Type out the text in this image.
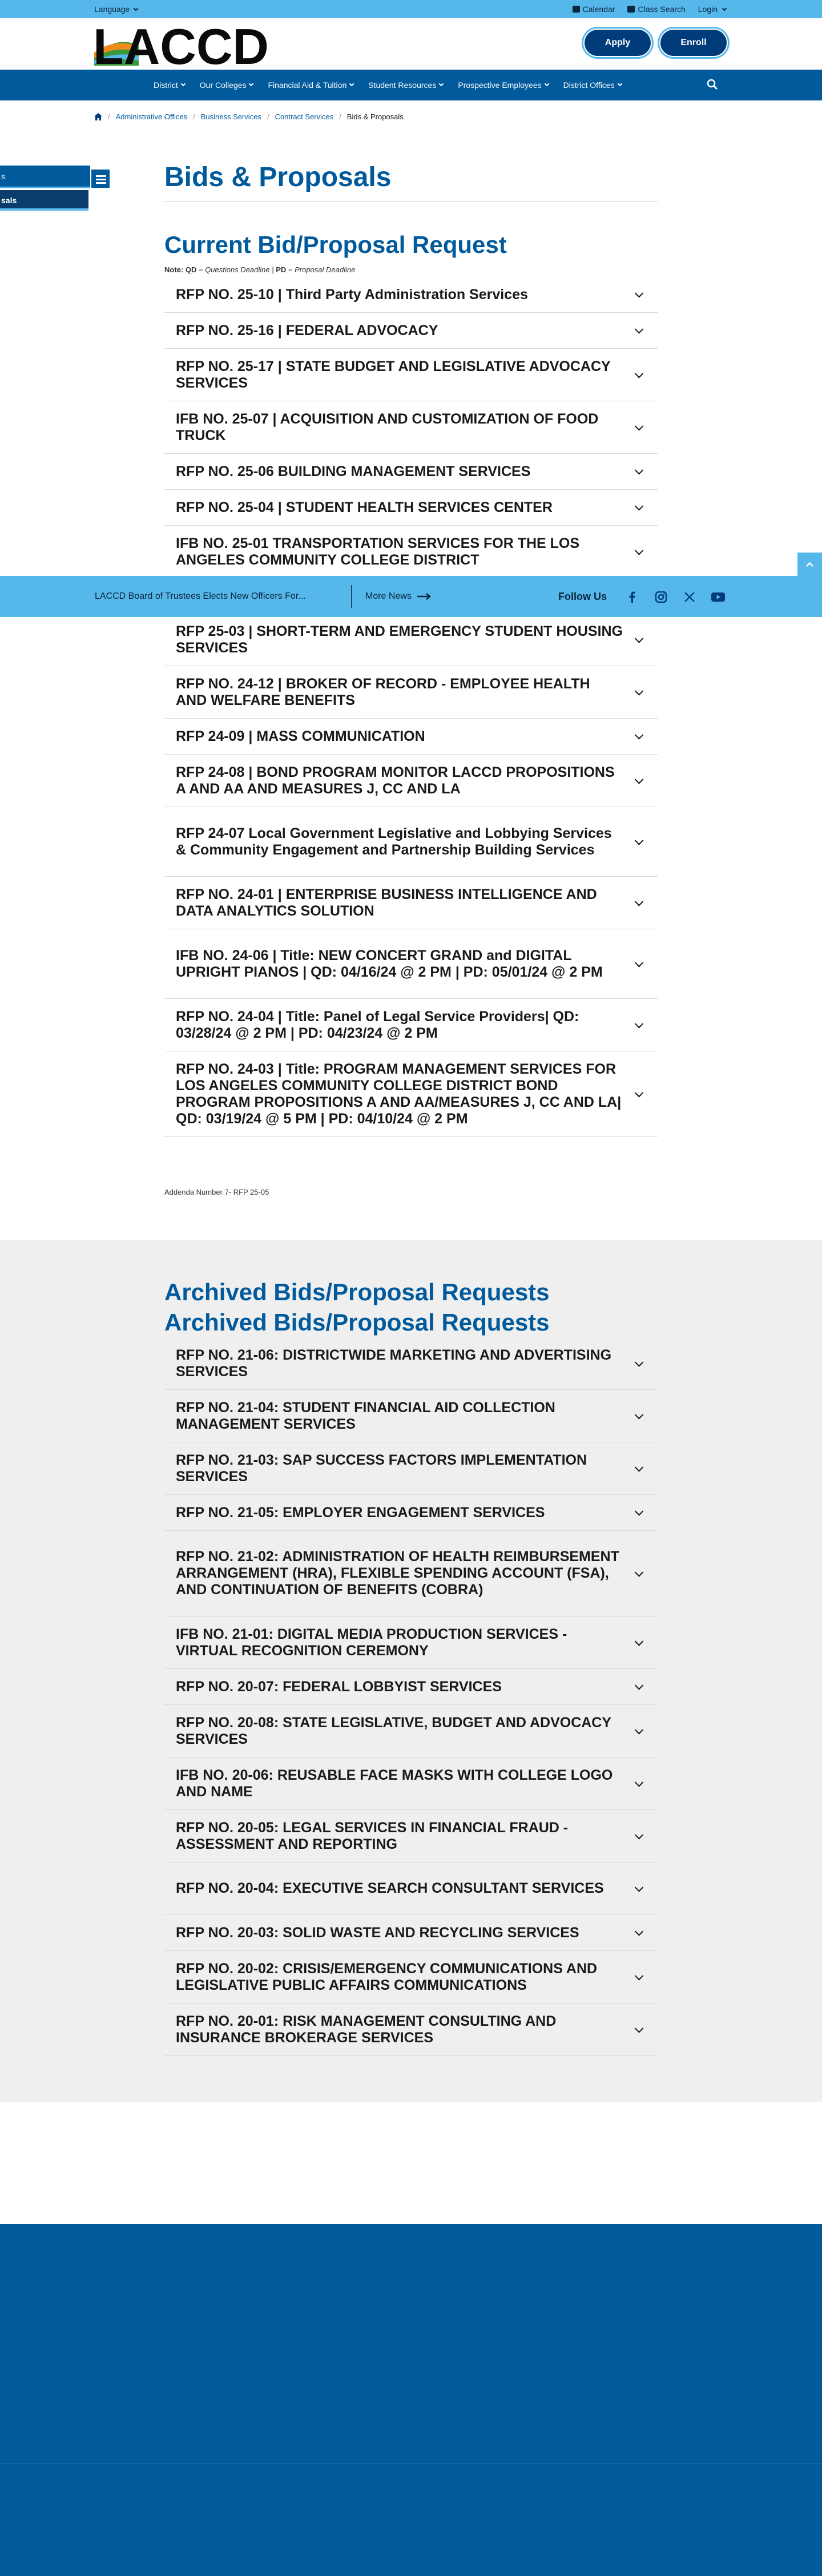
Language	Calendar	Class Search Login
LACCD	Apply	Enroll
District	Our Colleges	Financial Aid & Tuition	Student Resources	Prospective Employees	District Offices
/ Administrative Offices / Business Services / Contract Services / Bids & Proposals
s
sals
Bids & Proposals
Current Bid/Proposal Request
Note: QD = Questions Deadline | PD = Proposal Deadline
RFP NO. 25-10 | Third Party Administration Services
RFP NO. 25-16 | FEDERAL ADVOCACY
RFP NO. 25-17 | STATE BUDGET AND LEGISLATIVE ADVOCACY SERVICES
IFB NO. 25-07 | ACQUISITION AND CUSTOMIZATION OF FOOD TRUCK
RFP NO. 25-06 BUILDING MANAGEMENT SERVICES
RFP NO. 25-04 | STUDENT HEALTH SERVICES CENTER
IFB NO. 25-01 TRANSPORTATION SERVICES FOR THE LOS ANGELES COMMUNITY COLLEGE DISTRICT
RFP 25-03 | SHORT-TERM AND EMERGENCY STUDENT HOUSING SERVICES
RFP NO. 24-12 | BROKER OF RECORD - EMPLOYEE HEALTH AND WELFARE BENEFITS
RFP 24-09 | MASS COMMUNICATION
RFP 24-08 | BOND PROGRAM MONITOR LACCD PROPOSITIONS A AND AA AND MEASURES J, CC AND LA
RFP 24-07 Local Government Legislative and Lobbying Services & Community Engagement and Partnership Building Services
RFP NO. 24-01 | ENTERPRISE BUSINESS INTELLIGENCE AND DATA ANALYTICS SOLUTION
IFB NO. 24-06 | Title: NEW CONCERT GRAND and DIGITAL UPRIGHT PIANOS | QD: 04/16/24 @ 2 PM | PD: 05/01/24 @ 2 PM
RFP NO. 24-04 | Title: Panel of Legal Service Providers| QD: 03/28/24 @ 2 PM | PD: 04/23/24 @ 2 PM
RFP NO. 24-03 | Title: PROGRAM MANAGEMENT SERVICES FOR LOS ANGELES COMMUNITY COLLEGE DISTRICT BOND PROGRAM PROPOSITIONS A AND AA/MEASURES J, CC AND LA| QD: 03/19/24 @ 5 PM | PD: 04/10/24 @ 2 PM
LACCD Board of Trustees Elects New Officers For...	More News	Follow Us
Addenda Number 7- RFP 25-05
Archived Bids/Proposal Requests
Archived Bids/Proposal Requests
RFP NO. 21-06: DISTRICTWIDE MARKETING AND ADVERTISING SERVICES
RFP NO. 21-04: STUDENT FINANCIAL AID COLLECTION MANAGEMENT SERVICES
RFP NO. 21-03: SAP SUCCESS FACTORS IMPLEMENTATION SERVICES
RFP NO. 21-05: EMPLOYER ENGAGEMENT SERVICES
RFP NO. 21-02: ADMINISTRATION OF HEALTH REIMBURSEMENT ARRANGEMENT (HRA), FLEXIBLE SPENDING ACCOUNT (FSA), AND CONTINUATION OF BENEFITS (COBRA)
IFB NO. 21-01: DIGITAL MEDIA PRODUCTION SERVICES - VIRTUAL RECOGNITION CEREMONY
RFP NO. 20-07: FEDERAL LOBBYIST SERVICES
RFP NO. 20-08: STATE LEGISLATIVE, BUDGET AND ADVOCACY SERVICES
IFB NO. 20-06: REUSABLE FACE MASKS WITH COLLEGE LOGO AND NAME
RFP NO. 20-05: LEGAL SERVICES IN FINANCIAL FRAUD - ASSESSMENT AND REPORTING
RFP NO. 20-04: EXECUTIVE SEARCH CONSULTANT SERVICES
RFP NO. 20-03: SOLID WASTE AND RECYCLING SERVICES
RFP NO. 20-02: CRISIS/EMERGENCY COMMUNICATIONS AND LEGISLATIVE PUBLIC AFFAIRS COMMUNICATIONS
RFP NO. 20-01: RISK MANAGEMENT CONSULTING AND INSURANCE BROKERAGE SERVICES
